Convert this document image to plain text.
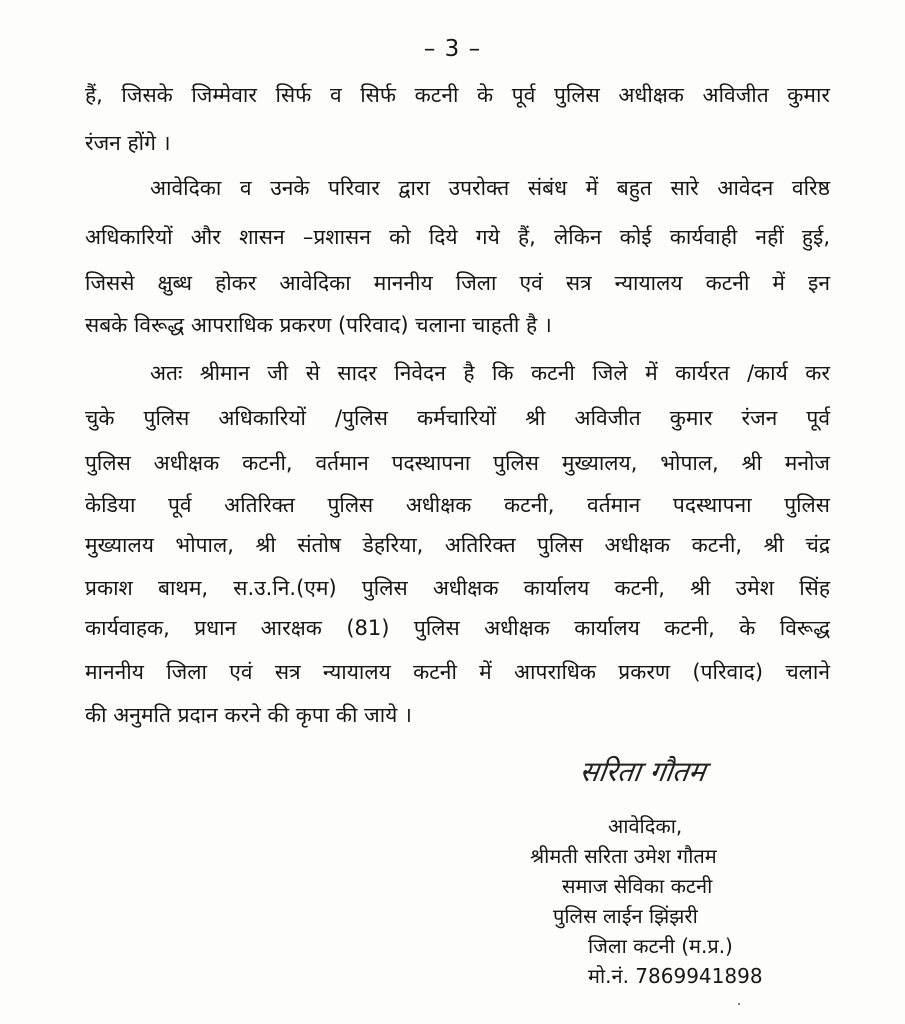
– 3 –
हैं, जिसके जिम्मेवार सिर्फ व सिर्फ कटनी के पूर्व पुलिस अधीक्षक अविजीत कुमार
रंजन होंगे ।
आवेदिका व उनके परिवार द्वारा उपरोक्त संबंध में बहुत सारे आवेदन वरिष्ठ
अधिकारियों और शासन –प्रशासन को दिये गये हैं, लेकिन कोई कार्यवाही नहीं हुई,
जिससे क्षुब्ध होकर आवेदिका माननीय जिला एवं सत्र न्यायालय कटनी में इन
सबके विरूद्ध आपराधिक प्रकरण (परिवाद) चलाना चाहती है ।
अतः श्रीमान जी से सादर निवेदन है कि कटनी जिले में कार्यरत /कार्य कर
चुके पुलिस अधिकारियों /पुलिस कर्मचारियों श्री अविजीत कुमार रंजन पूर्व
पुलिस अधीक्षक कटनी, वर्तमान पदस्थापना पुलिस मुख्यालय, भोपाल, श्री मनोज
केडिया पूर्व अतिरिक्त पुलिस अधीक्षक कटनी, वर्तमान पदस्थापना पुलिस
मुख्यालय भोपाल, श्री संतोष डेहरिया, अतिरिक्त पुलिस अधीक्षक कटनी, श्री चंद्र
प्रकाश बाथम, स.उ.नि.(एम) पुलिस अधीक्षक कार्यालय कटनी, श्री उमेश सिंह
कार्यवाहक, प्रधान आरक्षक (81) पुलिस अधीक्षक कार्यालय कटनी, के विरूद्ध
माननीय जिला एवं सत्र न्यायालय कटनी में आपराधिक प्रकरण (परिवाद) चलाने
की अनुमति प्रदान करने की कृपा की जाये ।
सरिता गौतम
आवेदिका,
श्रीमती सरिता उमेश गौतम
समाज सेविका कटनी
पुलिस लाईन झिंझरी
जिला कटनी (म.प्र.)
मो.नं. 7869941898
